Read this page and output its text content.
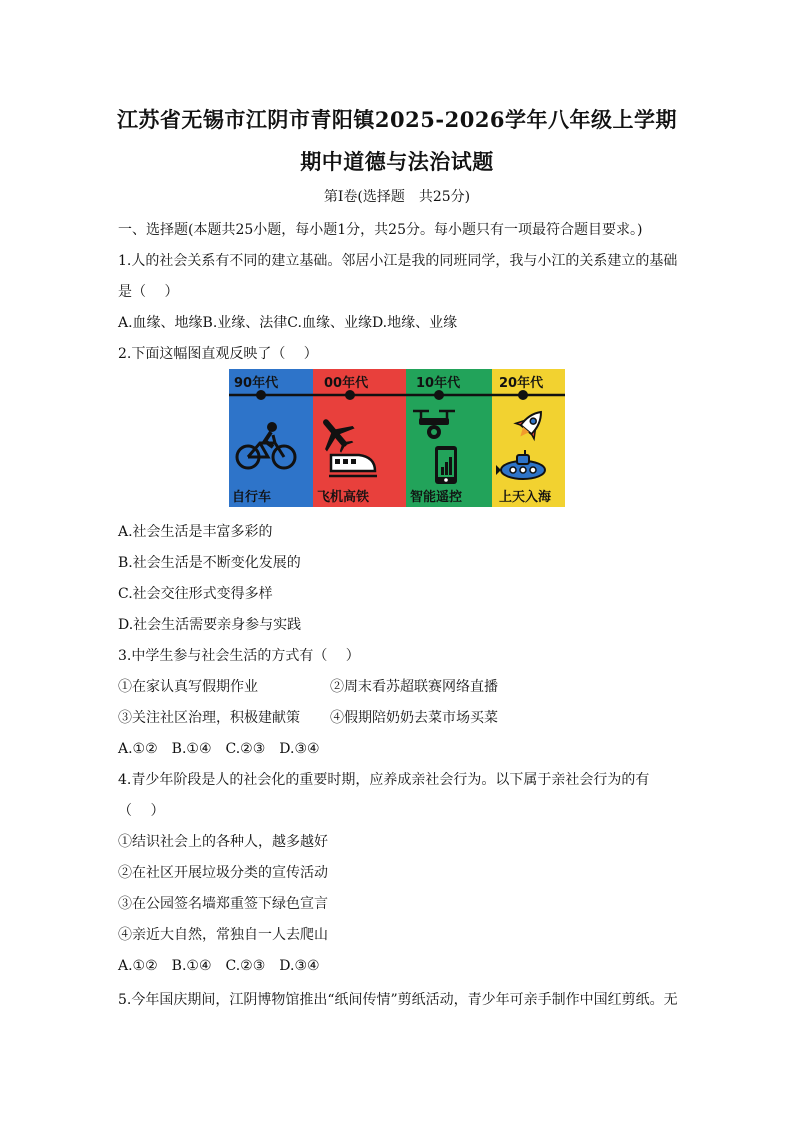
江苏省无锡市江阴市青阳镇2025-2026学年八年级上学期
期中道德与法治试题
第Ⅰ卷(选择题　共25分)
一、选择题(本题共25小题，每小题1分，共25分。每小题只有一项最符合题目要求。)
1.人的社会关系有不同的建立基础。邻居小江是我的同班同学，我与小江的关系建立的基础
是（　 ）
A.血缘、地缘B.业缘、法律C.血缘、业缘D.地缘、业缘
2.下面这幅图直观反映了（　 ）
90年代	00年代	10年代	20年代
自行车	飞机高铁	智能遥控	上天入海
A.社会生活是丰富多彩的
B.社会生活是不断变化发展的
C.社会交往形式变得多样
D.社会生活需要亲身参与实践
3.中学生参与社会生活的方式有（　 ）
①在家认真写假期作业	②周末看苏超联赛网络直播
③关注社区治理，积极建献策 ④假期陪奶奶去菜市场买菜
A.①②　B.①④　C.②③　D.③④
4.青少年阶段是人的社会化的重要时期，应养成亲社会行为。以下属于亲社会行为的有
（　 ）
①结识社会上的各种人，越多越好
②在社区开展垃圾分类的宣传活动
③在公园签名墙郑重签下绿色宣言
④亲近大自然，常独自一人去爬山
A.①②　B.①④　C.②③　D.③④
5.今年国庆期间，江阴博物馆推出“纸间传情”剪纸活动，青少年可亲手制作中国红剪纸。无
